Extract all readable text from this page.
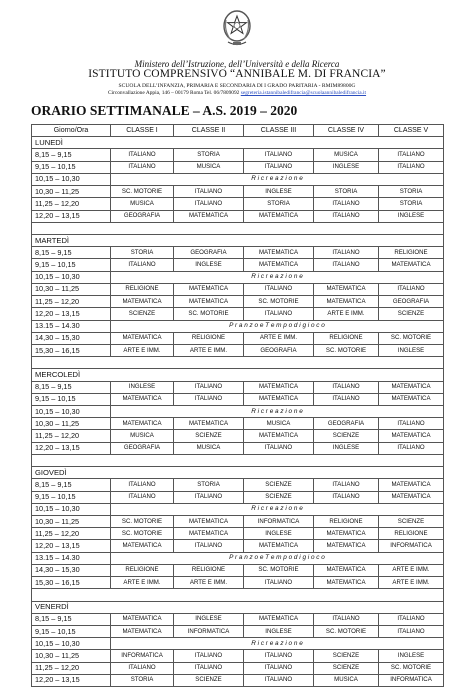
Ministero dell’Istruzione, dell’Università e della Ricerca
ISTITUTO COMPRENSIVO “ANNIBALE M. DI FRANCIA”
SCUOLA DELL’INFANZIA, PRIMARIA E SECONDARIA DI I GRADO PARITARIA - RMIM89800G
Circonvallazione Appia, 146 – 00179 Roma Tel. 06/7809092 segreteria.istannibaledifrancia@scuolaannibaledifrancia.it
ORARIO SETTIMANALE – A.S. 2019 – 2020
Giorno/Ora	CLASSE I	CLASSE II	CLASSE III	CLASSE IV	CLASSE V
LUNEDÌ					
8,15 – 9,15	ITALIANO	STORIA	ITALIANO	MUSICA	ITALIANO
9,15 – 10,15	ITALIANO	MUSICA	ITALIANO	INGLESE	ITALIANO
10,15 – 10,30	R i c r e a z i o n e				
10,30 – 11,25	SC. MOTORIE	ITALIANO	INGLESE	STORIA	STORIA
11,25 – 12,20	MUSICA	ITALIANO	STORIA	ITALIANO	STORIA
12,20 – 13,15	GEOGRAFIA	MATEMATICA	MATEMATICA	ITALIANO	INGLESE

MARTEDÌ					
8,15 – 9,15	STORIA	GEOGRAFIA	MATEMATICA	ITALIANO	RELIGIONE
9,15 – 10,15	ITALIANO	INGLESE	MATEMATICA	ITALIANO	MATEMATICA
10,15 – 10,30	R i c r e a z i o n e				
10,30 – 11,25	RELIGIONE	MATEMATICA	ITALIANO	MATEMATICA	ITALIANO
11,25 – 12,20	MATEMATICA	MATEMATICA	SC. MOTORIE	MATEMATICA	GEOGRAFIA
12,20 – 13,15	SCIENZE	SC. MOTORIE	ITALIANO	ARTE E IMM.	SCIENZE
13.15 – 14.30	P r a n z o e T e m p o d i g i o c o				
14,30 – 15,30	MATEMATICA	RELIGIONE	ARTE E IMM.	RELIGIONE	SC. MOTORIE
15,30 – 16,15	ARTE E IMM.	ARTE E IMM.	GEOGRAFIA	SC. MOTORIE	INGLESE

MERCOLEDÌ					
8,15 – 9,15	INGLESE	ITALIANO	MATEMATICA	ITALIANO	MATEMATICA
9,15 – 10,15	MATEMATICA	ITALIANO	MATEMATICA	ITALIANO	MATEMATICA
10,15 – 10,30	R i c r e a z i o n e				
10,30 – 11,25	MATEMATICA	MATEMATICA	MUSICA	GEOGRAFIA	ITALIANO
11,25 – 12,20	MUSICA	SCIENZE	MATEMATICA	SCIENZE	MATEMATICA
12,20 – 13,15	GEOGRAFIA	MUSICA	ITALIANO	INGLESE	ITALIANO

GIOVEDÌ					
8,15 – 9,15	ITALIANO	STORIA	SCIENZE	ITALIANO	MATEMATICA
9,15 – 10,15	ITALIANO	ITALIANO	SCIENZE	ITALIANO	MATEMATICA
10,15 – 10,30	R i c r e a z i o n e				
10,30 – 11,25	SC. MOTORIE	MATEMATICA	INFORMATICA	RELIGIONE	SCIENZE
11,25 – 12,20	SC. MOTORIE	MATEMATICA	INGLESE	MATEMATICA	RELIGIONE
12,20 – 13,15	MATEMATICA	ITALIANO	MATEMATICA	MATEMATICA	INFORMATICA
13.15 – 14.30	P r a n z o e T e m p o d i g i o c o				
14,30 – 15,30	RELIGIONE	RELIGIONE	SC. MOTORIE	MATEMATICA	ARTE E IMM.
15,30 – 16,15	ARTE E IMM.	ARTE E IMM.	ITALIANO	MATEMATICA	ARTE E IMM.

VENERDÌ					
8,15 – 9,15	MATEMATICA	INGLESE	MATEMATICA	ITALIANO	ITALIANO
9,15 – 10,15	MATEMATICA	INFORMATICA	INGLESE	SC. MOTORIE	ITALIANO
10,15 – 10,30	R i c r e a z i o n e				
10,30 – 11,25	INFORMATICA	ITALIANO	ITALIANO	SCIENZE	INGLESE
11,25 – 12,20	ITALIANO	ITALIANO	ITALIANO	SCIENZE	SC. MOTORIE
12,20 – 13,15	STORIA	SCIENZE	ITALIANO	MUSICA	INFORMATICA
